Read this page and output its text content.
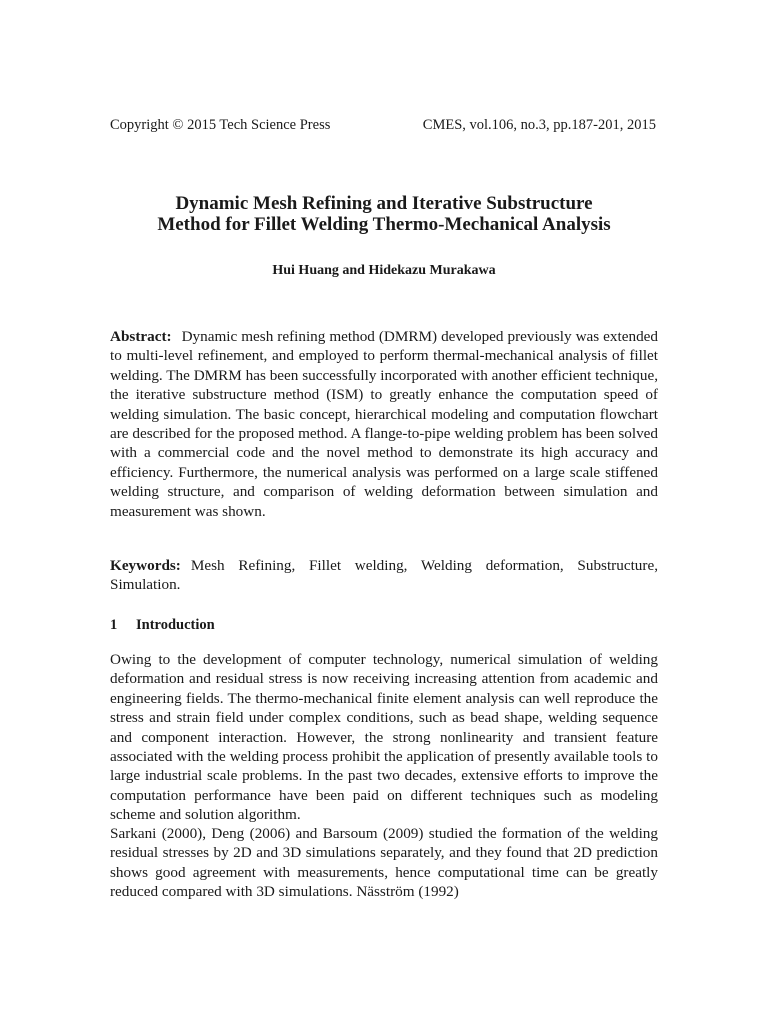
Copyright © 2015 Tech Science Press	CMES, vol.106, no.3, pp.187-201, 2015
Dynamic Mesh Refining and Iterative Substructure
Method for Fillet Welding Thermo-Mechanical Analysis
Hui Huang and Hidekazu Murakawa
Abstract: Dynamic mesh refining method (DMRM) developed previously was extended to multi-level refinement, and employed to perform thermal-mechanical analysis of fillet welding. The DMRM has been successfully incorporated with another efficient technique, the iterative substructure method (ISM) to greatly enhance the computation speed of welding simulation. The basic concept, hierarchical modeling and computation flowchart are described for the proposed method. A flange-to-pipe welding problem has been solved with a commercial code and the novel method to demonstrate its high accuracy and efficiency. Furthermore, the numerical analysis was performed on a large scale stiffened welding structure, and comparison of welding deformation between simulation and measurement was shown.
Keywords: Mesh Refining, Fillet welding, Welding deformation, Substructure, Simulation.
1 Introduction
Owing to the development of computer technology, numerical simulation of welding deformation and residual stress is now receiving increasing attention from academic and engineering fields. The thermo-mechanical finite element analysis can well reproduce the stress and strain field under complex conditions, such as bead shape, welding sequence and component interaction. However, the strong nonlinearity and transient feature associated with the welding process prohibit the application of presently available tools to large industrial scale problems. In the past two decades, extensive efforts to improve the computation performance have been paid on different techniques such as modeling scheme and solution algorithm.
Sarkani (2000), Deng (2006) and Barsoum (2009) studied the formation of the welding residual stresses by 2D and 3D simulations separately, and they found that 2D prediction shows good agreement with measurements, hence computational time can be greatly reduced compared with 3D simulations. Näsström (1992)
